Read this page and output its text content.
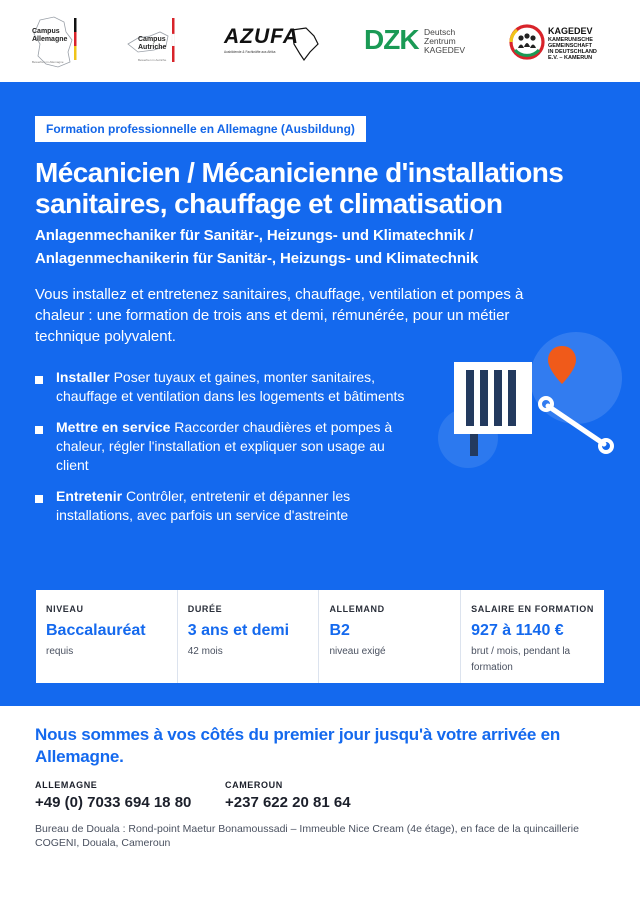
Campus
Allemagne
Bewerben in Allemagne
Campus
Autriche
Bewerben in Autriche
AZUFA
Ausbildende & Fachkräfte aus Afrika	DZK Deutsch
Zentrum
KAGEDEV
KAGEDEV
KAMERUNISCHE
GEMEINSCHAFT
IN DEUTSCHLAND
E.V. – KAMERUN
Formation professionnelle en Allemagne (Ausbildung)
Mécanicien / Mécanicienne d'installations sanitaires, chauffage et climatisation
Anlagenmechaniker für Sanitär-, Heizungs- und Klimatechnik / Anlagenmechanikerin für Sanitär-, Heizungs- und Klimatechnik

Vous installez et entretenez sanitaires, chauffage, ventilation et pompes à chaleur : une formation de trois ans et demi, rémunérée, pour un métier technique polyvalent.

Installer Poser tuyaux et gaines, monter sanitaires, chauffage et ventilation dans les logements et bâtiments
Mettre en service Raccorder chaudières et pompes à chaleur, régler l'installation et expliquer son usage au client
Entretenir Contrôler, entretenir et dépanner les installations, avec parfois un service d'astreinte
NIVEAU
Baccalauréat
requis
DURÉE
3 ans et demi
42 mois
ALLEMAND
B2
niveau exigé
SALAIRE EN FORMATION
927 à 1140 €
brut / mois, pendant la formation
Nous sommes à vos côtés du premier jour jusqu'à votre arrivée en Allemagne.
ALLEMAGNE
+49 (0) 7033 694 18 80
CAMEROUN
+237 622 20 81 64

Bureau de Douala : Rond-point Maetur Bonamoussadi – Immeuble Nice Cream (4e étage), en face de la quincaillerie COGENI, Douala, Cameroun
